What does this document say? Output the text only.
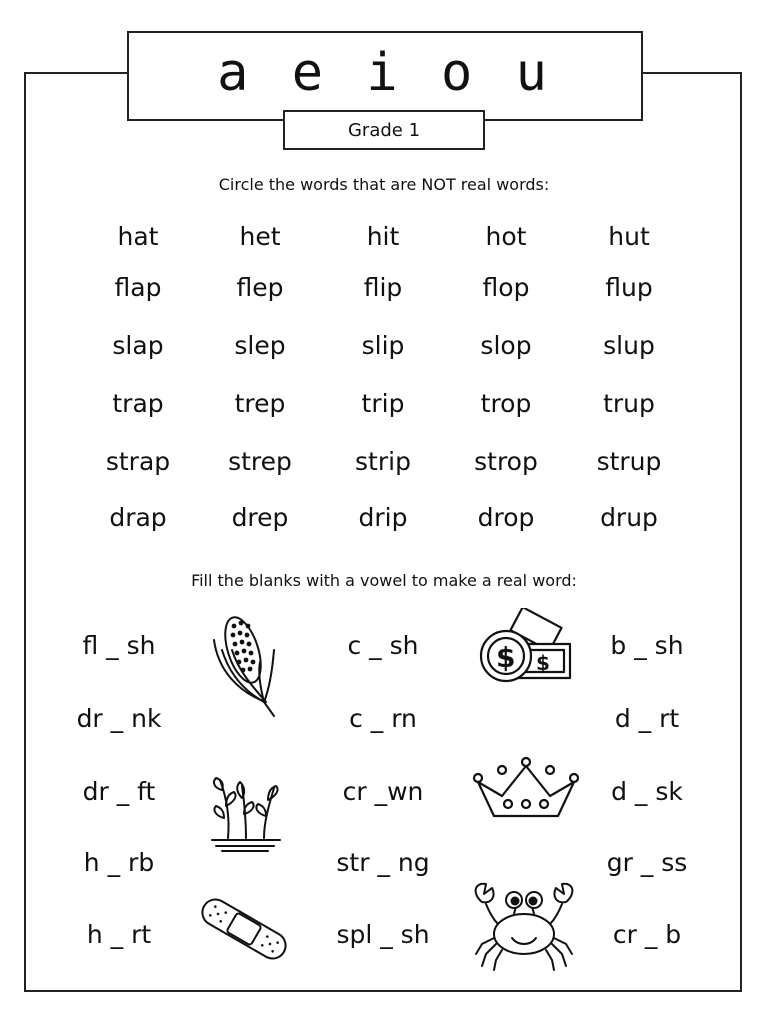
a e i o u
Grade 1
Circle the words that are NOT real words:
hat	het	hit	hot	hut
flap	flep	flip	flop	flup
slap	slep	slip	slop	slup
trap	trep	trip	trop	trup
strap	strep	strip	strop	strup
drap	drep	drip	drop	drup
Fill the blanks with a vowel to make a real word:
fl _ sh
dr _ nk
dr _ ft
h _ rb
h _ rt
c _ sh
c _ rn
cr _wn
str _ ng
spl _ sh
b _ sh
d _ rt
d _ sk
gr _ ss
cr _ b
$
$
